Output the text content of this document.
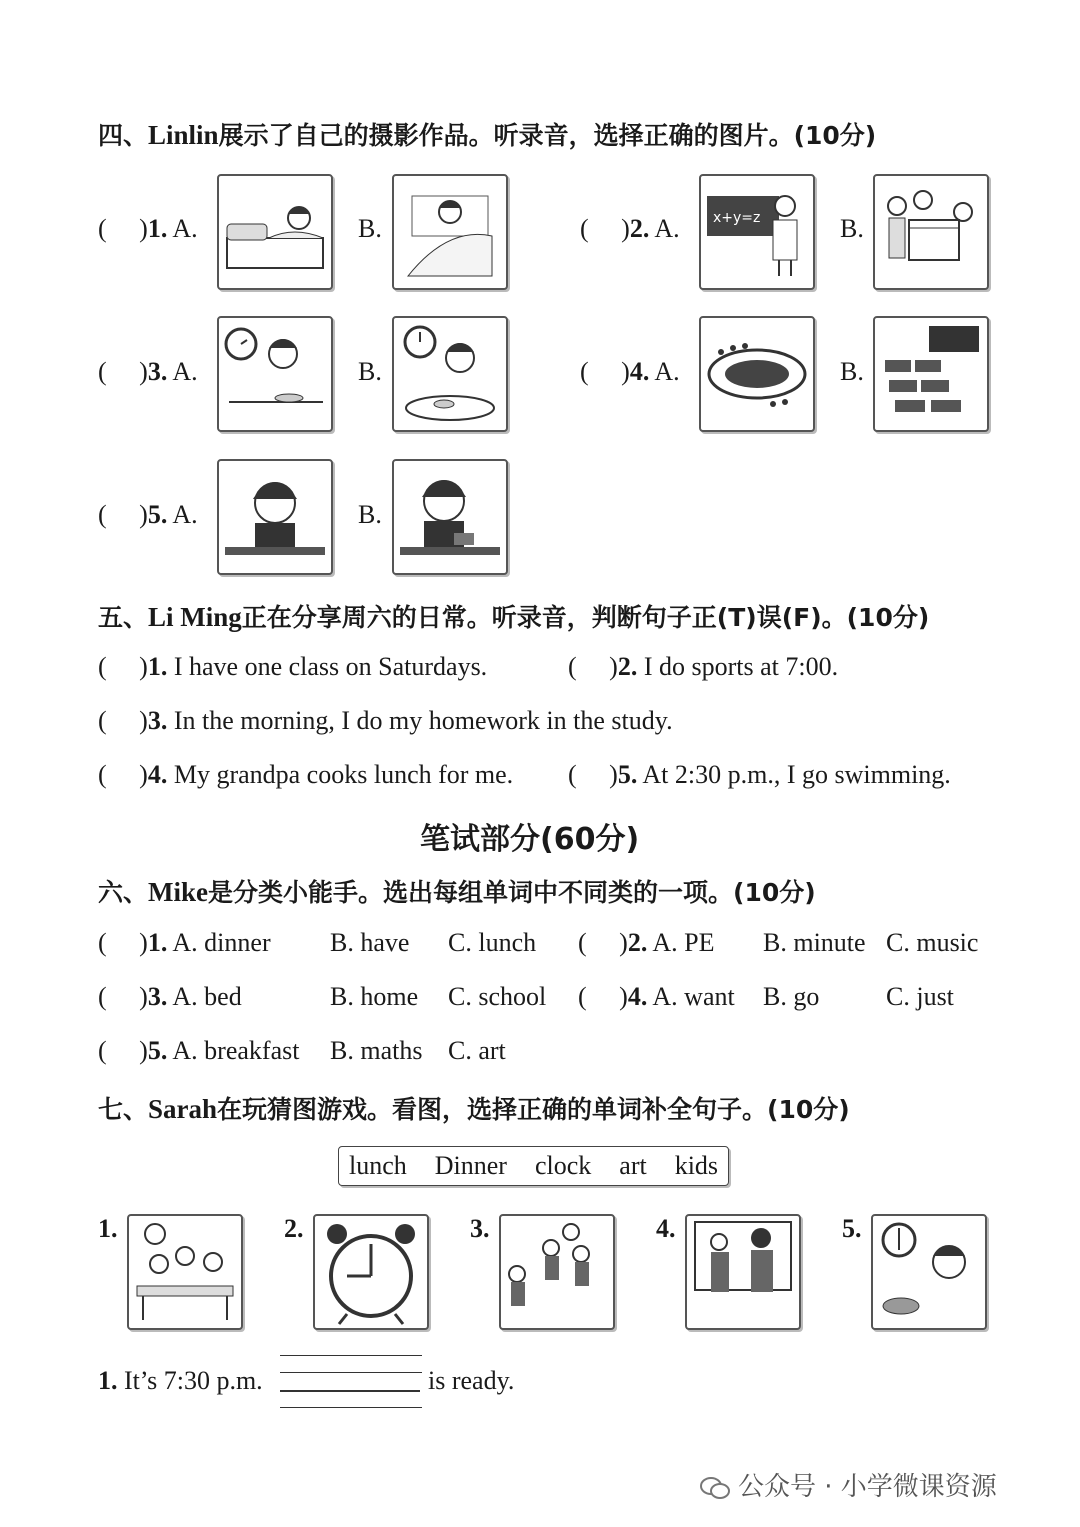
四、Linlin展示了自己的摄影作品。听录音，选择正确的图片。(10分)
(     )1. A.	B.	(     )2. A. x+y=z	B.
(     )3. A.	B.	(     )4. A.	B.
(     )5. A.	B.
五、Li Ming正在分享周六的日常。听录音，判断句子正(T)误(F)。(10分)
(     )1. I have one class on Saturdays.	(     )2. I do sports at 7:00.
(     )3. In the morning, I do my homework in the study.
(     )4. My grandpa cooks lunch for me. (     )5. At 2:30 p.m., I go swimming.
笔试部分(60分)
六、Mike是分类小能手。选出每组单词中不同类的一项。(10分)
(     )1. A. dinner B. have C. lunch (     )2. A. PE B. minute C. music
(     )3. A. bed	B. home C. school (     )4. A. want B. go	C. just
(     )5. A. breakfast B. maths C. art
七、Sarah在玩猜图游戏。看图，选择正确的单词补全句子。(10分)
lunch Dinner clock art kids
1.	2.	3.	4.	5.
1. It’s 7:30 p.m.	is ready.
公众号 · 小学微课资源
